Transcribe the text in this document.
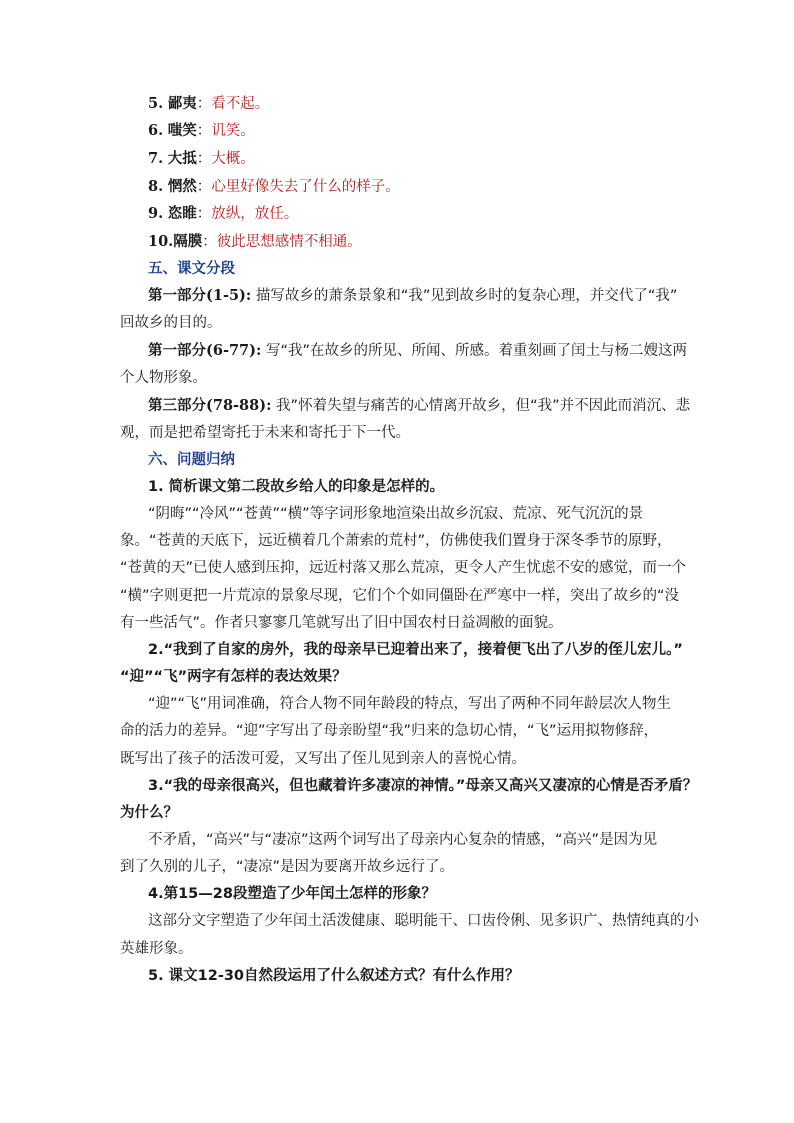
5. 鄙夷：看不起。
6. 嗤笑：讥笑。
7. 大抵：大概。
8. 惘然：心里好像失去了什么的样子。
9. 恣睢：放纵，放任。
10.隔膜：彼此思想感情不相通。
五、课文分段
第一部分(1-5): 描写故乡的萧条景象和“我”见到故乡时的复杂心理，并交代了“我”
回故乡的目的。
第一部分(6-77): 写“我”在故乡的所见、所闻、所感。着重刻画了闰土与杨二嫂这两
个人物形象。
第三部分(78-88): 我”怀着失望与痛苦的心情离开故乡，但“我”并不因此而消沉、悲
观，而是把希望寄托于未来和寄托于下一代。
六、问题归纳
1. 简析课文第二段故乡给人的印象是怎样的。
“阴晦”“冷风”“苍黄”“横”等字词形象地渲染出故乡沉寂、荒凉、死气沉沉的景
象。“苍黄的天底下，远近横着几个萧索的荒村”，仿佛使我们置身于深冬季节的原野，
“苍黄的天”已使人感到压抑，远近村落又那么荒凉，更令人产生忧虑不安的感觉，而一个
“横”字则更把一片荒凉的景象尽现，它们个个如同僵卧在严寒中一样，突出了故乡的“没
有一些活气”。作者只寥寥几笔就写出了旧中国农村日益凋敝的面貌。
2.“我到了自家的房外，我的母亲早已迎着出来了，接着便飞出了八岁的侄儿宏儿。”
“迎”“飞”两字有怎样的表达效果？
“迎”“飞”用词准确，符合人物不同年龄段的特点，写出了两种不同年龄层次人物生
命的活力的差异。“迎”字写出了母亲盼望“我”归来的急切心情，“飞”运用拟物修辞，
既写出了孩子的活泼可爱，又写出了侄儿见到亲人的喜悦心情。
3.“我的母亲很高兴，但也藏着许多凄凉的神情。”母亲又高兴又凄凉的心情是否矛盾？
为什么？
不矛盾，“高兴”与“凄凉”这两个词写出了母亲内心复杂的情感，“高兴”是因为见
到了久别的儿子，“凄凉”是因为要离开故乡远行了。
4.第15—28段塑造了少年闰土怎样的形象？
这部分文字塑造了少年闰土活泼健康、聪明能干、口齿伶俐、见多识广、热情纯真的小
英雄形象。
5. 课文12-30自然段运用了什么叙述方式？有什么作用？
